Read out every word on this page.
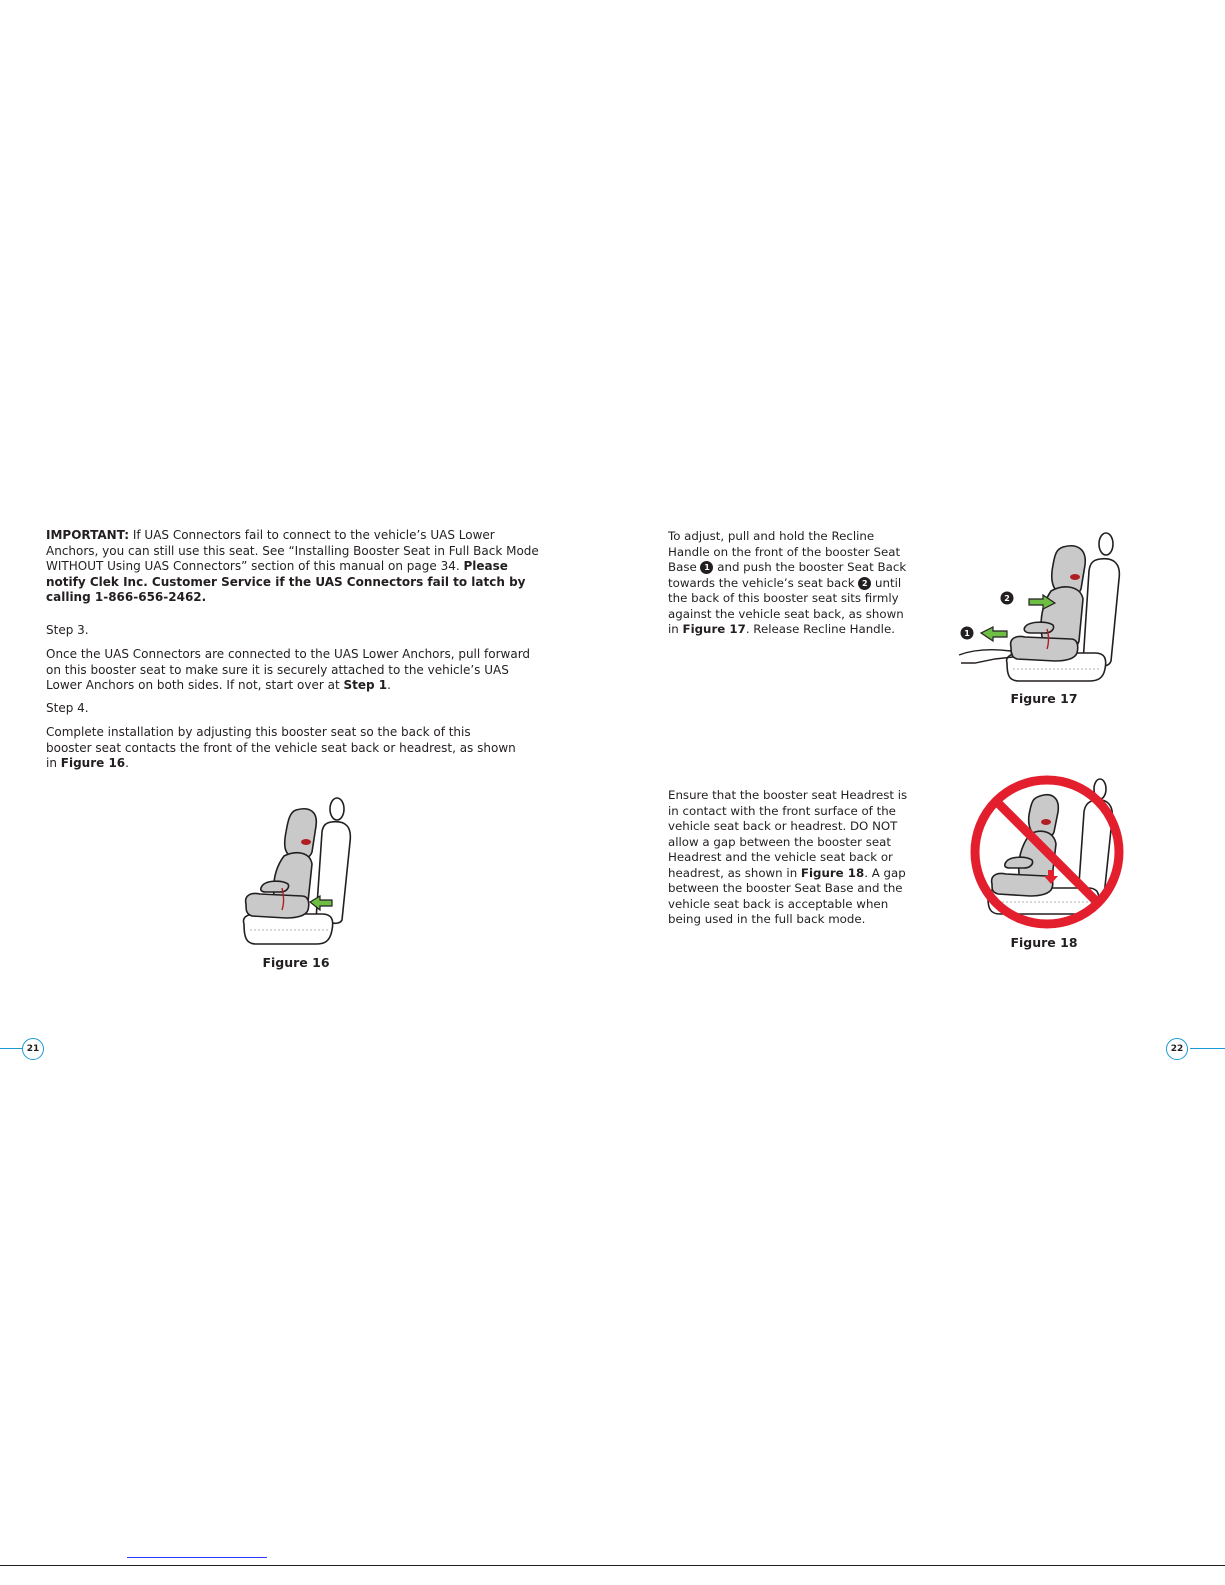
IMPORTANT: If UAS Connectors fail to connect to the vehicle’s UAS Lower Anchors, you can still use this seat. See “Installing Booster Seat in Full Back Mode WITHOUT Using UAS Connectors” section of this manual on page 34. Please notify Clek Inc. Customer Service if the UAS Connectors fail to latch by calling 1-866-656-2462.

Step 3.

Once the UAS Connectors are connected to the UAS Lower Anchors, pull forward on this booster seat to make sure it is securely attached to the vehicle’s UAS Lower Anchors on both sides. If not, start over at Step 1.

Step 4.

Complete installation by adjusting this booster seat so the back of this booster seat contacts the front of the vehicle seat back or headrest, as shown in Figure 16.

Figure 16
21

To adjust, pull and hold the Recline Handle on the front of the booster Seat Base 1 and push the booster Seat Back towards the vehicle’s seat back 2 until the back of this booster seat sits firmly against the vehicle seat back, as shown in Figure 17. Release Recline Handle.

2
1
Figure 17

Ensure that the booster seat Headrest is in contact with the front surface of the vehicle seat back or headrest. DO NOT allow a gap between the booster seat Headrest and the vehicle seat back or headrest, as shown in Figure 18. A gap between the booster Seat Base and the vehicle seat back is acceptable when being used in the full back mode.

Figure 18
22
